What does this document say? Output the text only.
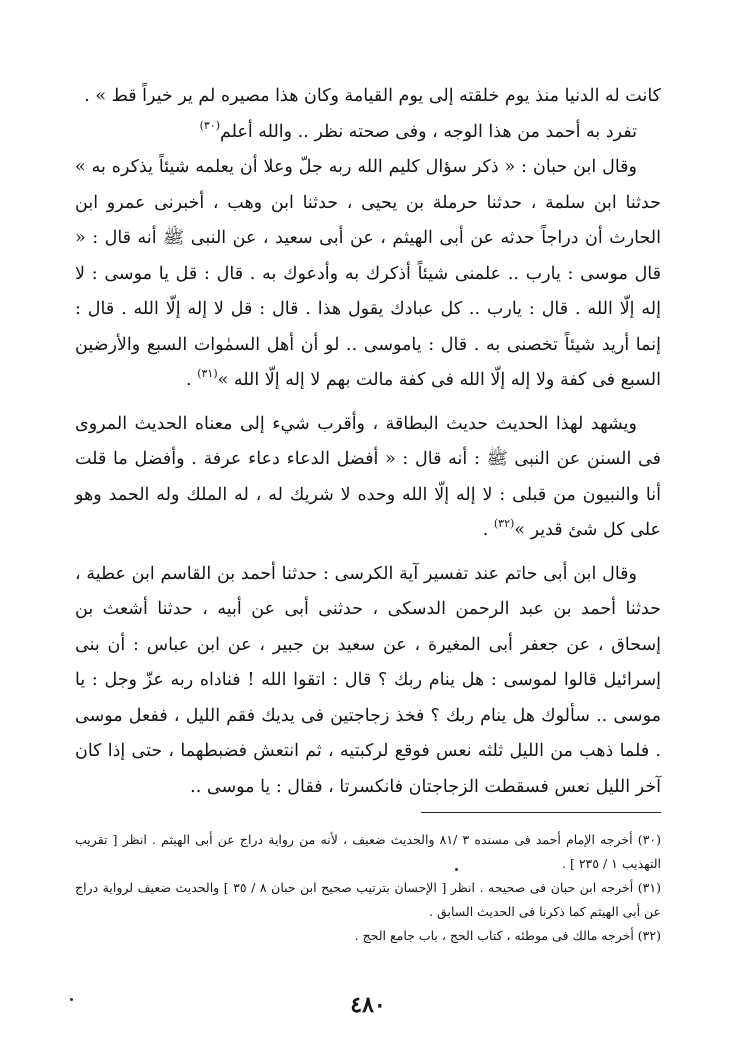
كانت له الدنيا منذ يوم خلقته إلى يوم القيامة وكان هذا مصيره لم ير خيراً قط » .

تفرد به أحمد من هذا الوجه ، وفى صحته نظر .. والله أعلم$^{(٣٠)}$

وقال ابن حبان : « ذكر سؤال كليم الله ربه جلّ وعلا أن يعلمه شيئاً يذكره به » حدثنا ابن سلمة ، حدثنا حرملة بن يحيى ، حدثنا ابن وهب ، أخبرنى عمرو ابن الحارث أن دراجاً حدثه عن أبى الهيثم ، عن أبى سعيد ، عن النبى ﷺ أنه قال : « قال موسى : يارب .. علمنى شيئاً أذكرك به وأدعوك به . قال : قل يا موسى : لا إله إلّا الله . قال : يارب .. كل عبادك يقول هذا . قال : قل لا إله إلّا الله . قال : إنما أريد شيئاً تخصنى به . قال : ياموسى .. لو أن أهل السمٰوات السبع والأرضين السبع فى كفة ولا إله إلّا الله فى كفة مالت بهم لا إله إلّا الله »$^{(٣١)}$ .

ويشهد لهذا الحديث حديث البطاقة ، وأقرب شيء إلى معناه الحديث المروى فى السنن عن النبى ﷺ : أنه قال : « أفضل الدعاء دعاء عرفة . وأفضل ما قلت أنا والنبيون من قبلى : لا إله إلّا الله وحده لا شريك له ، له الملك وله الحمد وهو على كل شئ قدير »$^{(٣٢)}$ .

وقال ابن أبى حاتم عند تفسير آية الكرسى : حدثنا أحمد بن القاسم ابن عطية ، حدثنا أحمد بن عبد الرحمن الدسكى ، حدثنى أبى عن أبيه ، حدثنا أشعث بن إسحاق ، عن جعفر أبى المغيرة ، عن سعيد بن جبير ، عن ابن عباس : أن بنى إسرائيل قالوا لموسى : هل ينام ربك ؟ قال : اتقوا الله ! فناداه ربه عزّ وجل : يا موسى .. سألوك هل ينام ربك ؟ فخذ زجاجتين فى يديك فقم الليل ، ففعل موسى . فلما ذهب من الليل ثلثه نعس فوقع لركبتيه ، ثم انتعش فضبطهما ، حتى إذا كان آخر الليل نعس فسقطت الزجاجتان فانكسرتا ، فقال : يا موسى ..

(٣٠) أخرجه الإمام أحمد فى مسنده ٣ /٨١ والحديث ضعيف ، لأنه من رواية دراج عن أبى الهيثم . انظر [ تقريب التهذيب ١ / ٢٣٥ ] .

(٣١) أخرجه ابن حبان فى صحيحه . انظر [ الإحسان بترتيب صحيح ابن حبان ٨ / ٣٥ ] والحديث ضعيف لرواية دراج عن أبى الهيثم كما ذكرنا فى الحديث السابق .

(٣٢) أخرجه مالك فى موطئه ، كتاب الحج ، باب جامع الحج .

٤٨٠
